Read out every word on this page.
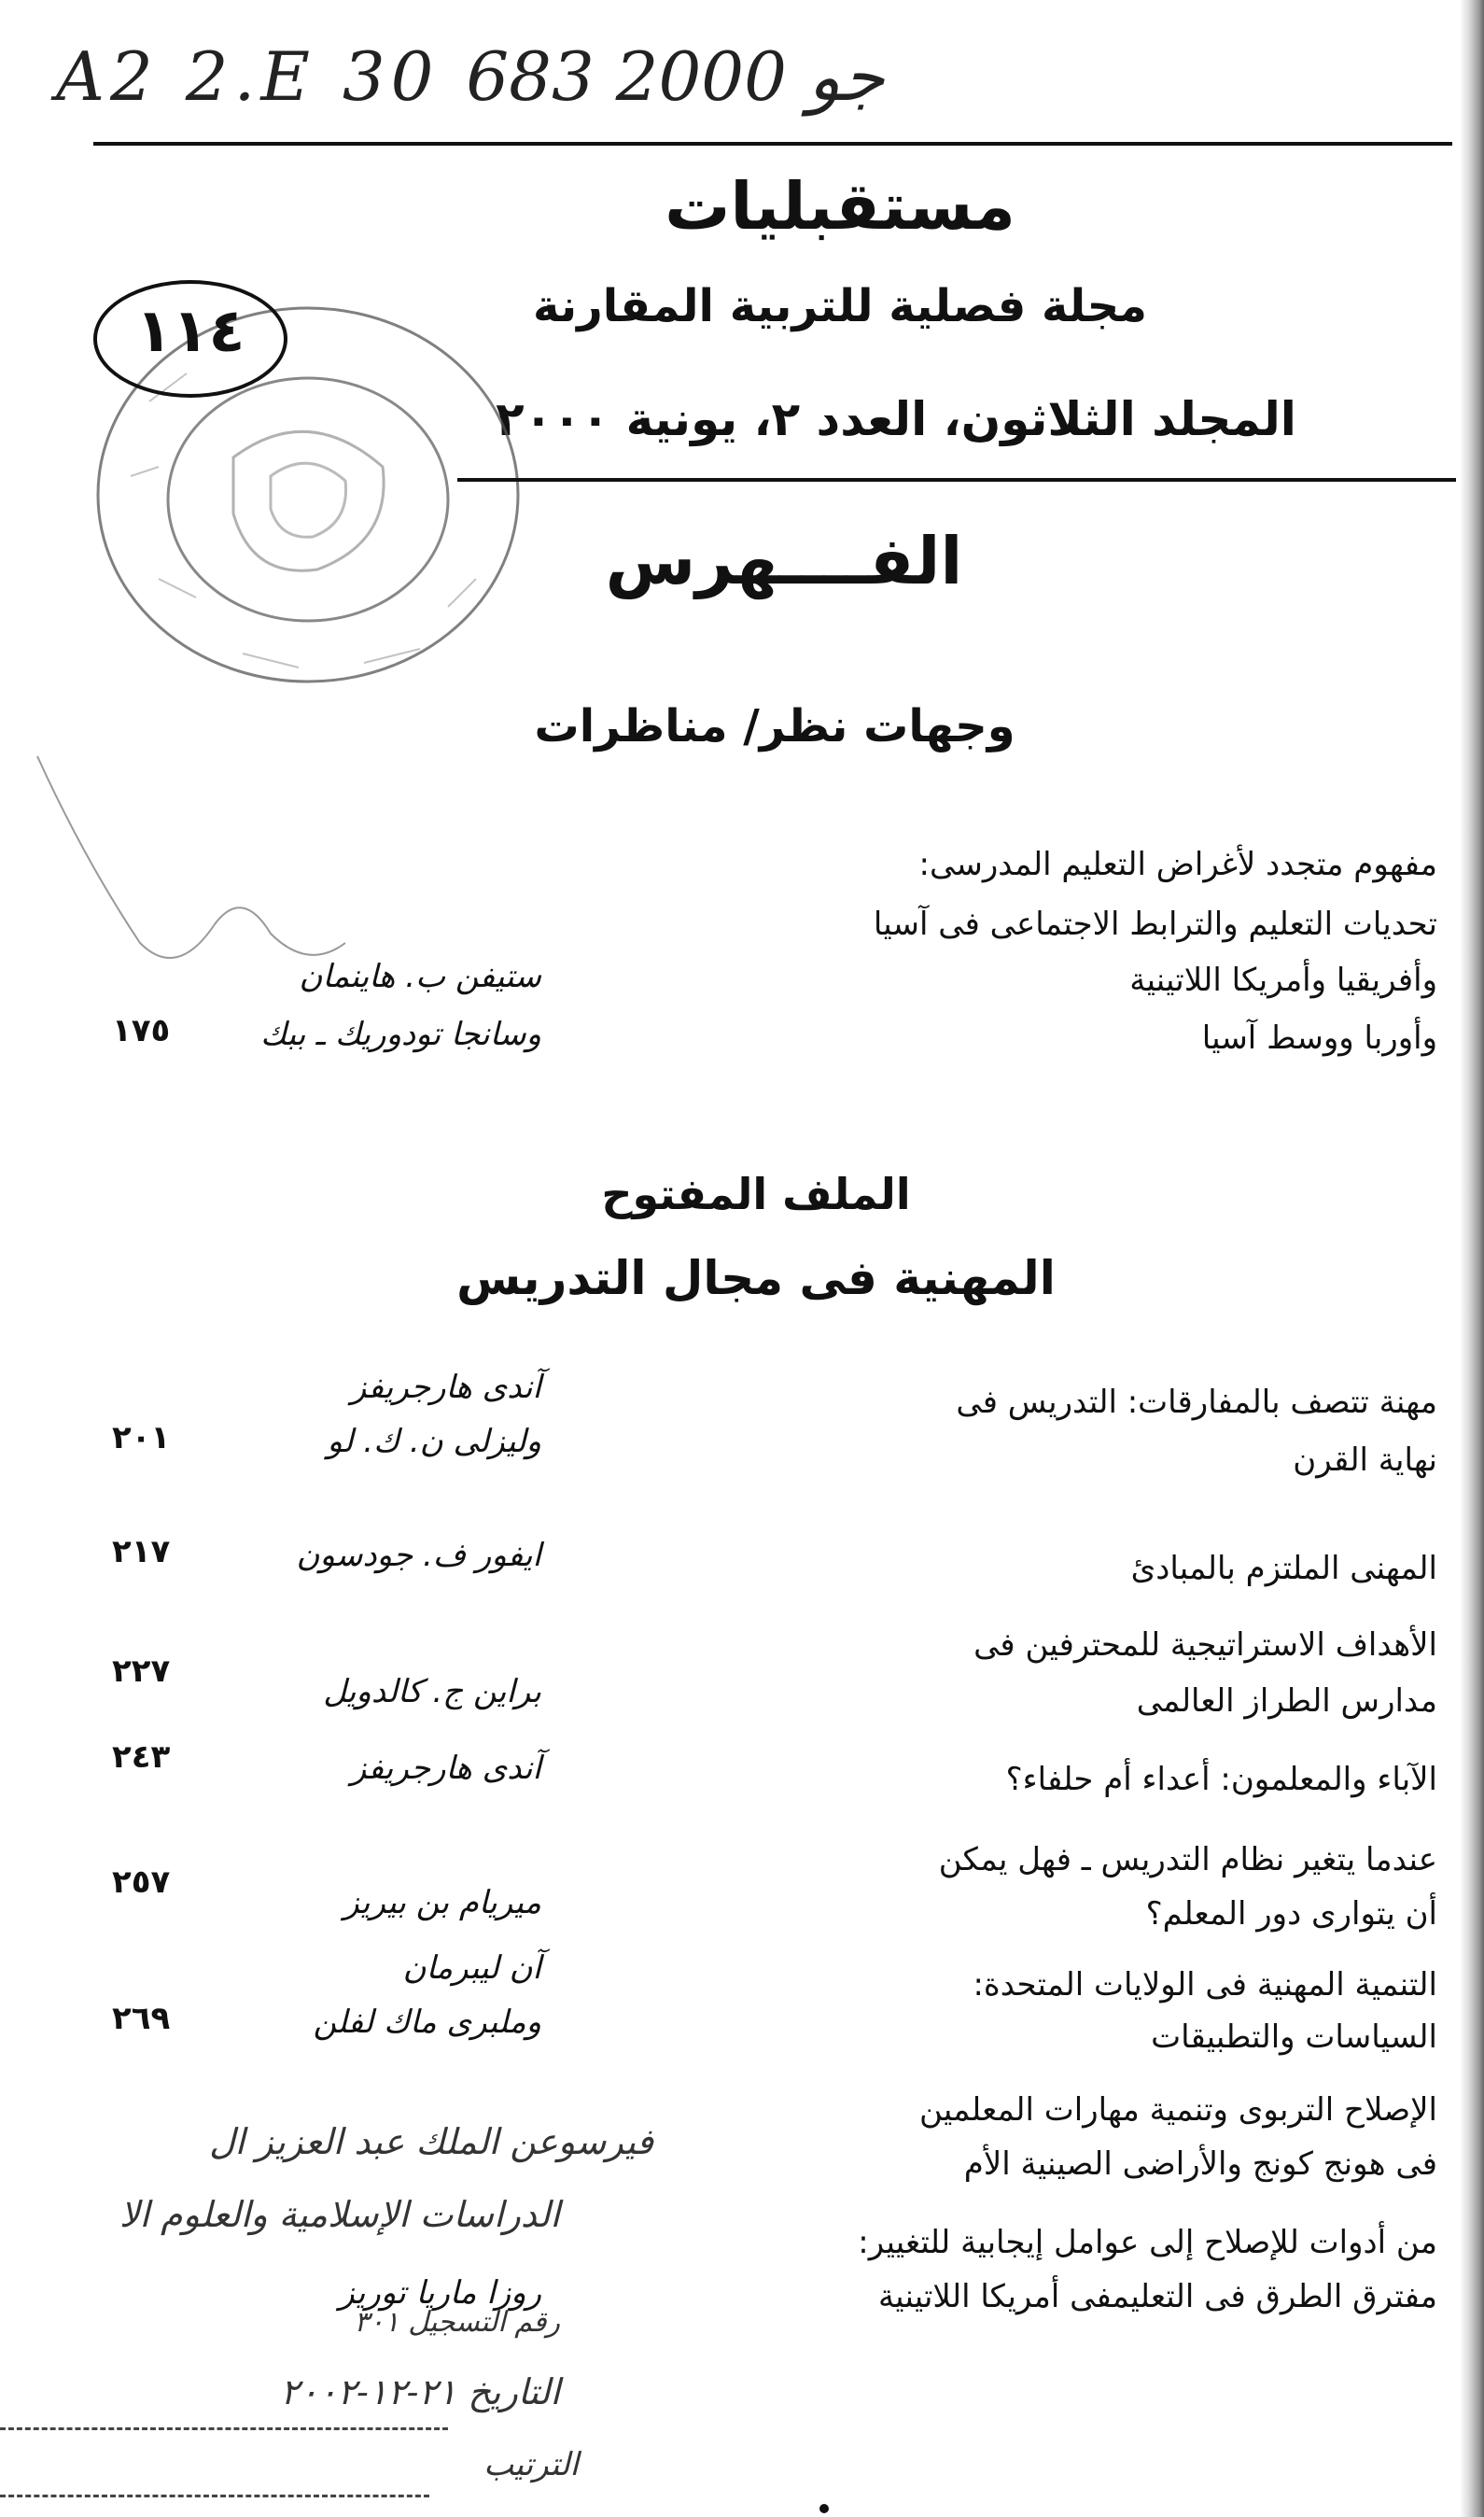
A2 2.E 30 جو 2000 683
مستقبليات
مجلة فصلية للتربية المقارنة
المجلد الثلاثون، العدد ٢، يونية ٢٠٠٠
١١٤
الفــــهرس
وجهات نظر/ مناظرات
مفهوم متجدد لأغراض التعليم المدرسى:
تحديات التعليم والترابط الاجتماعى فى آسيا
وأفريقيا وأمريكا اللاتينية
وأوربا ووسط آسيا
ستيفن ب. هاينمان
وسانجا تودوريك ـ ببك
١٧٥
الملف المفتوح
المهنية فى مجال التدريس
مهنة تتصف بالمفارقات: التدريس فى
نهاية القرن
آندى هارجريفز
وليزلى ن. ك. لو
٢٠١
المهنى الملتزم بالمبادئ
ايفور ف. جودسون
٢١٧
الأهداف الاستراتيجية للمحترفين فى
مدارس الطراز العالمى
براين ج. كالدويل
٢٢٧
الآباء والمعلمون: أعداء أم حلفاء؟
آندى هارجريفز
٢٤٣
عندما يتغير نظام التدريس ـ فهل يمكن
أن يتوارى دور المعلم؟
ميريام بن بيريز
٢٥٧
التنمية المهنية فى الولايات المتحدة:
السياسات والتطبيقات
آن ليبرمان
وملبرى ماك لفلن
٢٦٩
الإصلاح التربوى وتنمية مهارات المعلمين
فى هونج كونج والأراضى الصينية الأم
من أدوات للإصلاح إلى عوامل إيجابية للتغيير:
مفترق الطرق فى التعليمفى أمريكا اللاتينية
روزا ماريا توريز
فيرسوعن الملك عبد العزيز ال
الدراسات الإسلامية والعلوم الا
رقم التسجيل ٣٠١
التاريخ ٢١-١٢-٢٠٠٢
الترتيب
